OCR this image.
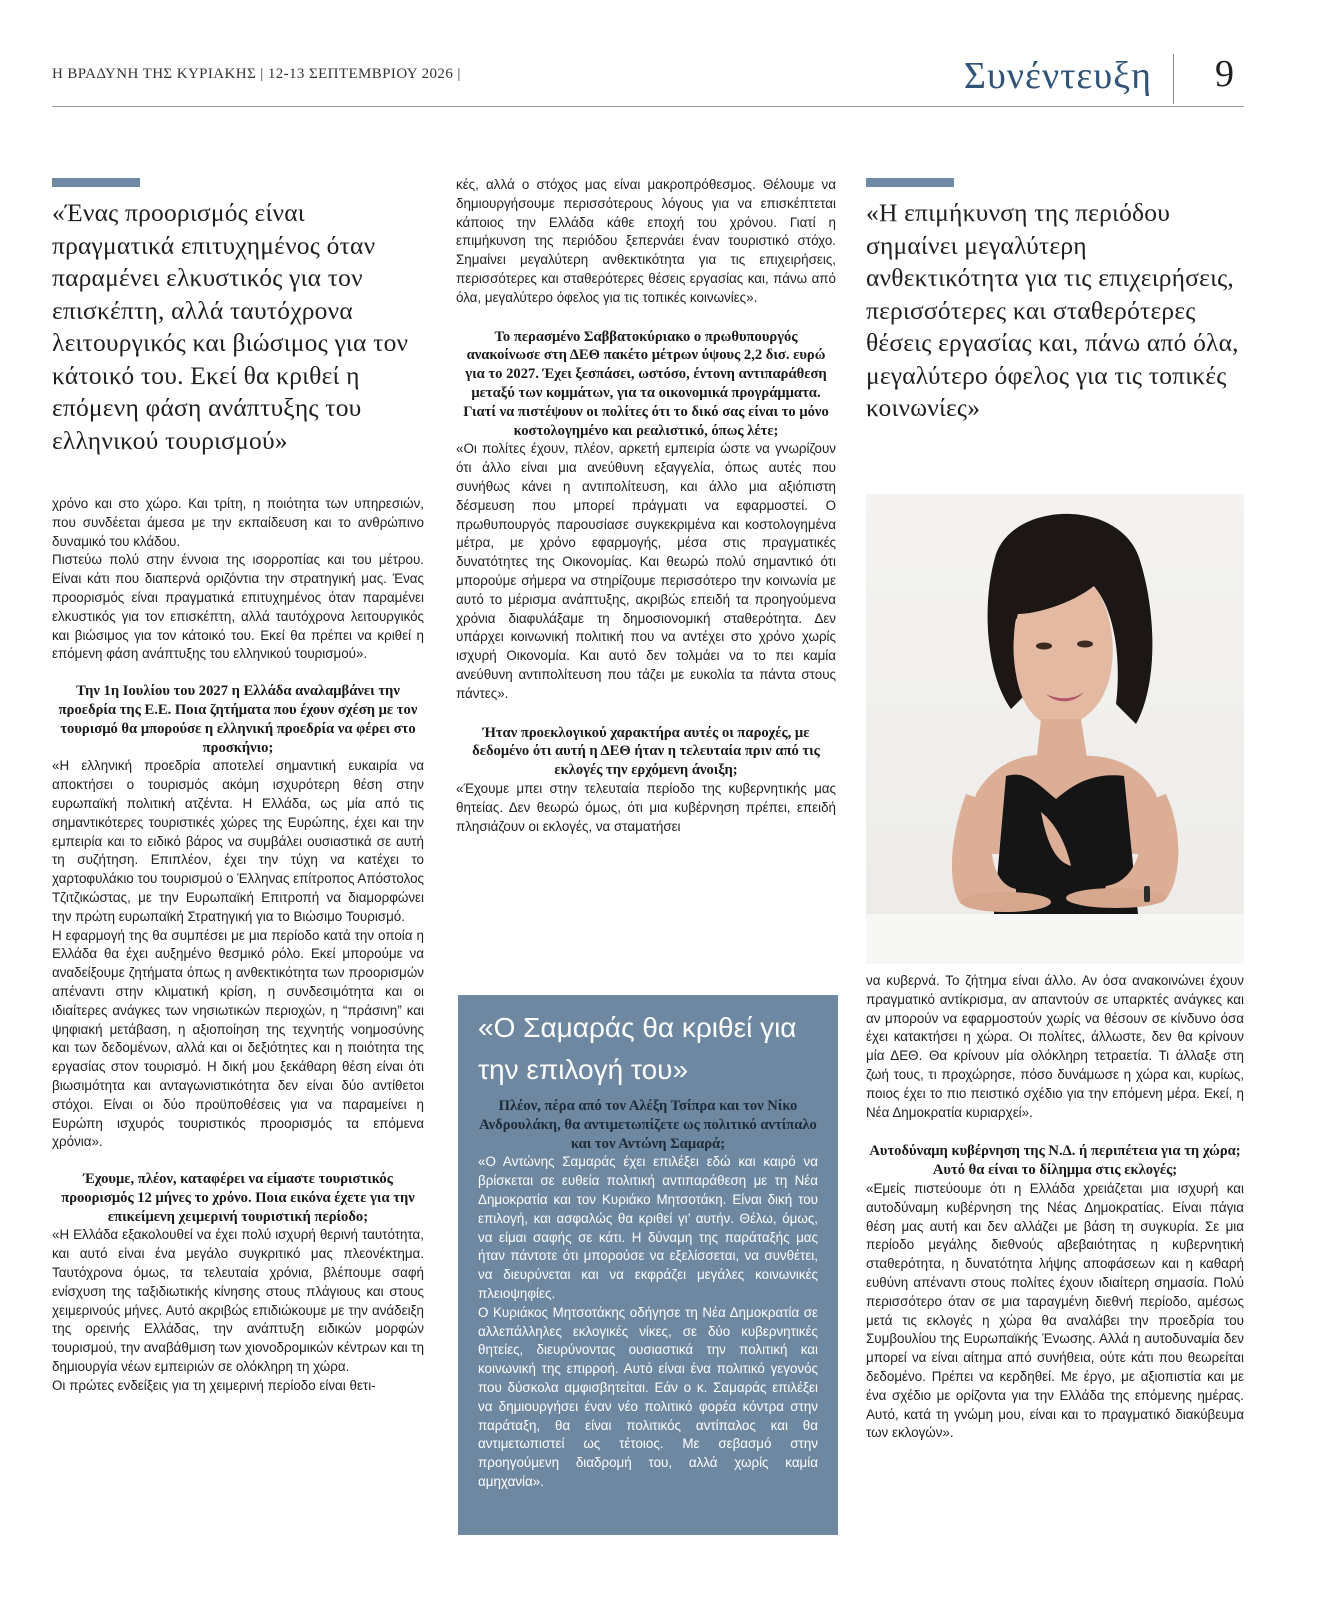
Η ΒΡΑΔΥΝΗ ΤΗΣ ΚΥΡΙΑΚΗΣ | 12-13 ΣΕΠΤΕΜΒΡΙΟΥ 2026 |	Συνέντευξη 9
«Ένας προορισμός είναι πραγματικά επιτυχημένος όταν παραμένει ελκυστικός για τον επισκέπτη, αλλά ταυτόχρονα λειτουργικός και βιώσιμος για τον κάτοικό του. Εκεί θα κριθεί η επόμενη φάση ανάπτυξης του ελληνικού τουρισμού»

χρόνο και στο χώρο. Και τρίτη, η ποιότητα των υπηρεσιών, που συνδέεται άμεσα με την εκπαίδευση και το ανθρώπινο δυναμικό του κλάδου.

Πιστεύω πολύ στην έννοια της ισορροπίας και του μέτρου. Είναι κάτι που διαπερνά οριζόντια την στρατηγική μας. Ένας προορισμός είναι πραγματικά επιτυχημένος όταν παραμένει ελκυστικός για τον επισκέπτη, αλλά ταυτόχρονα λειτουργικός και βιώσιμος για τον κάτοικό του. Εκεί θα πρέπει να κριθεί η επόμενη φάση ανάπτυξης του ελληνικού τουρισμού».

Την 1η Ιουλίου του 2027 η Ελλάδα αναλαμβάνει την προεδρία της Ε.Ε. Ποια ζητήματα που έχουν σχέση με τον τουρισμό θα μπορούσε η ελληνική προεδρία να φέρει στο προσκήνιο;

«Η ελληνική προεδρία αποτελεί σημαντική ευκαιρία να αποκτήσει ο τουρισμός ακόμη ισχυρότερη θέση στην ευρωπαϊκή πολιτική ατζέντα. Η Ελλάδα, ως μία από τις σημαντικότερες τουριστικές χώρες της Ευρώπης, έχει και την εμπειρία και το ειδικό βάρος να συμβάλει ουσιαστικά σε αυτή τη συζήτηση. Επιπλέον, έχει την τύχη να κατέχει το χαρτοφυλάκιο του τουρισμού ο Έλληνας επίτροπος Απόστολος Τζιτζικώστας, με την Ευρωπαϊκή Επιτροπή να διαμορφώνει την πρώτη ευρωπαϊκή Στρατηγική για το Βιώσιμο Τουρισμό.

Η εφαρμογή της θα συμπέσει με μια περίοδο κατά την οποία η Ελλάδα θα έχει αυξημένο θεσμικό ρόλο. Εκεί μπορούμε να αναδείξουμε ζητήματα όπως η ανθεκτικότητα των προορισμών απέναντι στην κλιματική κρίση, η συνδεσιμότητα και οι ιδιαίτερες ανάγκες των νησιωτικών περιοχών, η “πράσινη” και ψηφιακή μετάβαση, η αξιοποίηση της τεχνητής νοημοσύνης και των δεδομένων, αλλά και οι δεξιότητες και η ποιότητα της εργασίας στον τουρισμό. Η δική μου ξεκάθαρη θέση είναι ότι βιωσιμότητα και ανταγωνιστικότητα δεν είναι δύο αντίθετοι στόχοι. Είναι οι δύο προϋποθέσεις για να παραμείνει η Ευρώπη ισχυρός τουριστικός προορισμός τα επόμενα χρόνια».

Έχουμε, πλέον, καταφέρει να είμαστε τουριστικός προορισμός 12 μήνες το χρόνο. Ποια εικόνα έχετε για την επικείμενη χειμερινή τουριστική περίοδο;

«Η Ελλάδα εξακολουθεί να έχει πολύ ισχυρή θερινή ταυτότητα, και αυτό είναι ένα μεγάλο συγκριτικό μας πλεονέκτημα. Ταυτόχρονα όμως, τα τελευταία χρόνια, βλέπουμε σαφή ενίσχυση της ταξιδιωτικής κίνησης στους πλάγιους και στους χειμερινούς μήνες. Αυτό ακριβώς επιδιώκουμε με την ανάδειξη της ορεινής Ελλάδας, την ανάπτυξη ειδικών μορφών τουρισμού, την αναβάθμιση των χιονοδρομικών κέντρων και τη δημιουργία νέων εμπειριών σε ολόκληρη τη χώρα.

Οι πρώτες ενδείξεις για τη χειμερινή περίοδο είναι θετι-

κές, αλλά ο στόχος μας είναι μακροπρόθεσμος. Θέλουμε να δημιουργήσουμε περισσότερους λόγους για να επισκέπτεται κάποιος την Ελλάδα κάθε εποχή του χρόνου. Γιατί η επιμήκυνση της περιόδου ξεπερνάει έναν τουριστικό στόχο. Σημαίνει μεγαλύτερη ανθεκτικότητα για τις επιχειρήσεις, περισσότερες και σταθερότερες θέσεις εργασίας και, πάνω από όλα, μεγαλύτερο όφελος για τις τοπικές κοινωνίες».

Το περασμένο Σαββατοκύριακο ο πρωθυπουργός ανακοίνωσε στη ΔΕΘ πακέτο μέτρων ύψους 2,2 δισ. ευρώ για το 2027. Έχει ξεσπάσει, ωστόσο, έντονη αντιπαράθεση μεταξύ των κομμάτων, για τα οικονομικά προγράμματα. Γιατί να πιστέψουν οι πολίτες ότι το δικό σας είναι το μόνο κοστολογημένο και ρεαλιστικό, όπως λέτε;

«Οι πολίτες έχουν, πλέον, αρκετή εμπειρία ώστε να γνωρίζουν ότι άλλο είναι μια ανεύθυνη εξαγγελία, όπως αυτές που συνήθως κάνει η αντιπολίτευση, και άλλο μια αξιόπιστη δέσμευση που μπορεί πράγματι να εφαρμοστεί. Ο πρωθυπουργός παρουσίασε συγκεκριμένα και κοστολογημένα μέτρα, με χρόνο εφαρμογής, μέσα στις πραγματικές δυνατότητες της Οικονομίας. Και θεωρώ πολύ σημαντικό ότι μπορούμε σήμερα να στηρίζουμε περισσότερο την κοινωνία με αυτό το μέρισμα ανάπτυξης, ακριβώς επειδή τα προηγούμενα χρόνια διαφυλάξαμε τη δημοσιονομική σταθερότητα. Δεν υπάρχει κοινωνική πολιτική που να αντέχει στο χρόνο χωρίς ισχυρή Οικονομία. Και αυτό δεν τολμάει να το πει καμία ανεύθυνη αντιπολίτευση που τάζει με ευκολία τα πάντα στους πάντες».

Ήταν προεκλογικού χαρακτήρα αυτές οι παροχές, με δεδομένο ότι αυτή η ΔΕΘ ήταν η τελευταία πριν από τις εκλογές την ερχόμενη άνοιξη;

«Έχουμε μπει στην τελευταία περίοδο της κυβερνητικής μας θητείας. Δεν θεωρώ όμως, ότι μια κυβέρνηση πρέπει, επειδή πλησιάζουν οι εκλογές, να σταματήσει

«Ο Σαμαράς θα κριθεί για την επιλογή του»

Πλέον, πέρα από τον Αλέξη Τσίπρα και τον Νίκο Ανδρουλάκη, θα αντιμετωπίζετε ως πολιτικό αντίπαλο και τον Αντώνη Σαμαρά;

«Ο Αντώνης Σαμαράς έχει επιλέξει εδώ και καιρό να βρίσκεται σε ευθεία πολιτική αντιπαράθεση με τη Νέα Δημοκρατία και τον Κυριάκο Μητσοτάκη. Είναι δική του επιλογή, και ασφαλώς θα κριθεί γι’ αυτήν. Θέλω, όμως, να είμαι σαφής σε κάτι. Η δύναμη της παράταξής μας ήταν πάντοτε ότι μπορούσε να εξελίσσεται, να συνθέτει, να διευρύνεται και να εκφράζει μεγάλες κοινωνικές πλειοψηφίες.

Ο Κυριάκος Μητσοτάκης οδήγησε τη Νέα Δημοκρατία σε αλλεπάλληλες εκλογικές νίκες, σε δύο κυβερνητικές θητείες, διευρύνοντας ουσιαστικά την πολιτική και κοινωνική της επιρροή. Αυτό είναι ένα πολιτικό γεγονός που δύσκολα αμφισβητείται. Εάν ο κ. Σαμαράς επιλέξει να δημιουργήσει έναν νέο πολιτικό φορέα κόντρα στην παράταξη, θα είναι πολιτικός αντίπαλος και θα αντιμετωπιστεί ως τέτοιος. Με σεβασμό στην προηγούμενη διαδρομή του, αλλά χωρίς καμία αμηχανία».

«Η επιμήκυνση της περιόδου σημαίνει μεγαλύτερη ανθεκτικότητα για τις επιχειρήσεις, περισσότερες και σταθερότερες θέσεις εργασίας και, πάνω από όλα, μεγαλύτερο όφελος για τις τοπικές κοινωνίες»

να κυβερνά. Το ζήτημα είναι άλλο. Αν όσα ανακοινώνει έχουν πραγματικό αντίκρισμα, αν απαντούν σε υπαρκτές ανάγκες και αν μπορούν να εφαρμοστούν χωρίς να θέσουν σε κίνδυνο όσα έχει κατακτήσει η χώρα. Οι πολίτες, άλλωστε, δεν θα κρίνουν μία ΔΕΘ. Θα κρίνουν μία ολόκληρη τετραετία. Τι άλλαξε στη ζωή τους, τι προχώρησε, πόσο δυνάμωσε η χώρα και, κυρίως, ποιος έχει το πιο πειστικό σχέδιο για την επόμενη μέρα. Εκεί, η Νέα Δημοκρατία κυριαρχεί».

Αυτοδύναμη κυβέρνηση της Ν.Δ. ή περιπέτεια για τη χώρα; Αυτό θα είναι το δίλημμα στις εκλογές;

«Εμείς πιστεύουμε ότι η Ελλάδα χρειάζεται μια ισχυρή και αυτοδύναμη κυβέρνηση της Νέας Δημοκρατίας. Είναι πάγια θέση μας αυτή και δεν αλλάζει με βάση τη συγκυρία. Σε μια περίοδο μεγάλης διεθνούς αβεβαιότητας η κυβερνητική σταθερότητα, η δυνατότητα λήψης αποφάσεων και η καθαρή ευθύνη απέναντι στους πολίτες έχουν ιδιαίτερη σημασία. Πολύ περισσότερο όταν σε μια ταραγμένη διεθνή περίοδο, αμέσως μετά τις εκλογές η χώρα θα αναλάβει την προεδρία του Συμβουλίου της Ευρωπαϊκής Ένωσης. Αλλά η αυτοδυναμία δεν μπορεί να είναι αίτημα από συνήθεια, ούτε κάτι που θεωρείται δεδομένο. Πρέπει να κερδηθεί. Με έργο, με αξιοπιστία και με ένα σχέδιο με ορίζοντα για την Ελλάδα της επόμενης ημέρας. Αυτό, κατά τη γνώμη μου, είναι και το πραγματικό διακύβευμα των εκλογών».
